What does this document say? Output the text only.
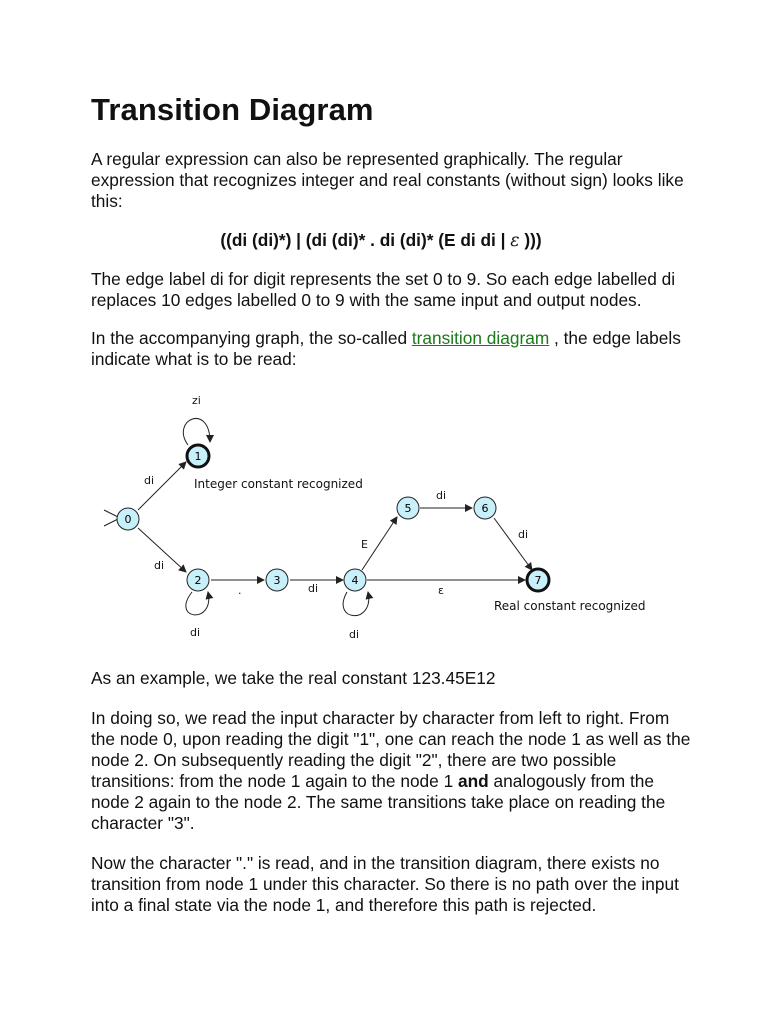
Transition Diagram

A regular expression can also be represented graphically. The regular expression that recognizes integer and real constants (without sign) looks like this:

((di (di)*) | (di (di)* . di (di)* (E di di | ε )))

The edge label di for digit represents the set 0 to 9. So each edge labelled di replaces 10 edges labelled 0 to 9 with the same input and output nodes.

In the accompanying graph, the so-called transition diagram , the edge labels indicate what is to be read:

0
1
2	3	4
5	6
7
zi
di
di
di
.	di
di
E
di
di
ε
Integer constant recognized
Real constant recognized

As an example, we take the real constant 123.45E12

In doing so, we read the input character by character from left to right. From the node 0, upon reading the digit "1", one can reach the node 1 as well as the node 2. On subsequently reading the digit "2", there are two possible transitions: from the node 1 again to the node 1 and analogously from the node 2 again to the node 2. The same transitions take place on reading the character "3".

Now the character "." is read, and in the transition diagram, there exists no transition from node 1 under this character. So there is no path over the input into a final state via the node 1, and therefore this path is rejected.
